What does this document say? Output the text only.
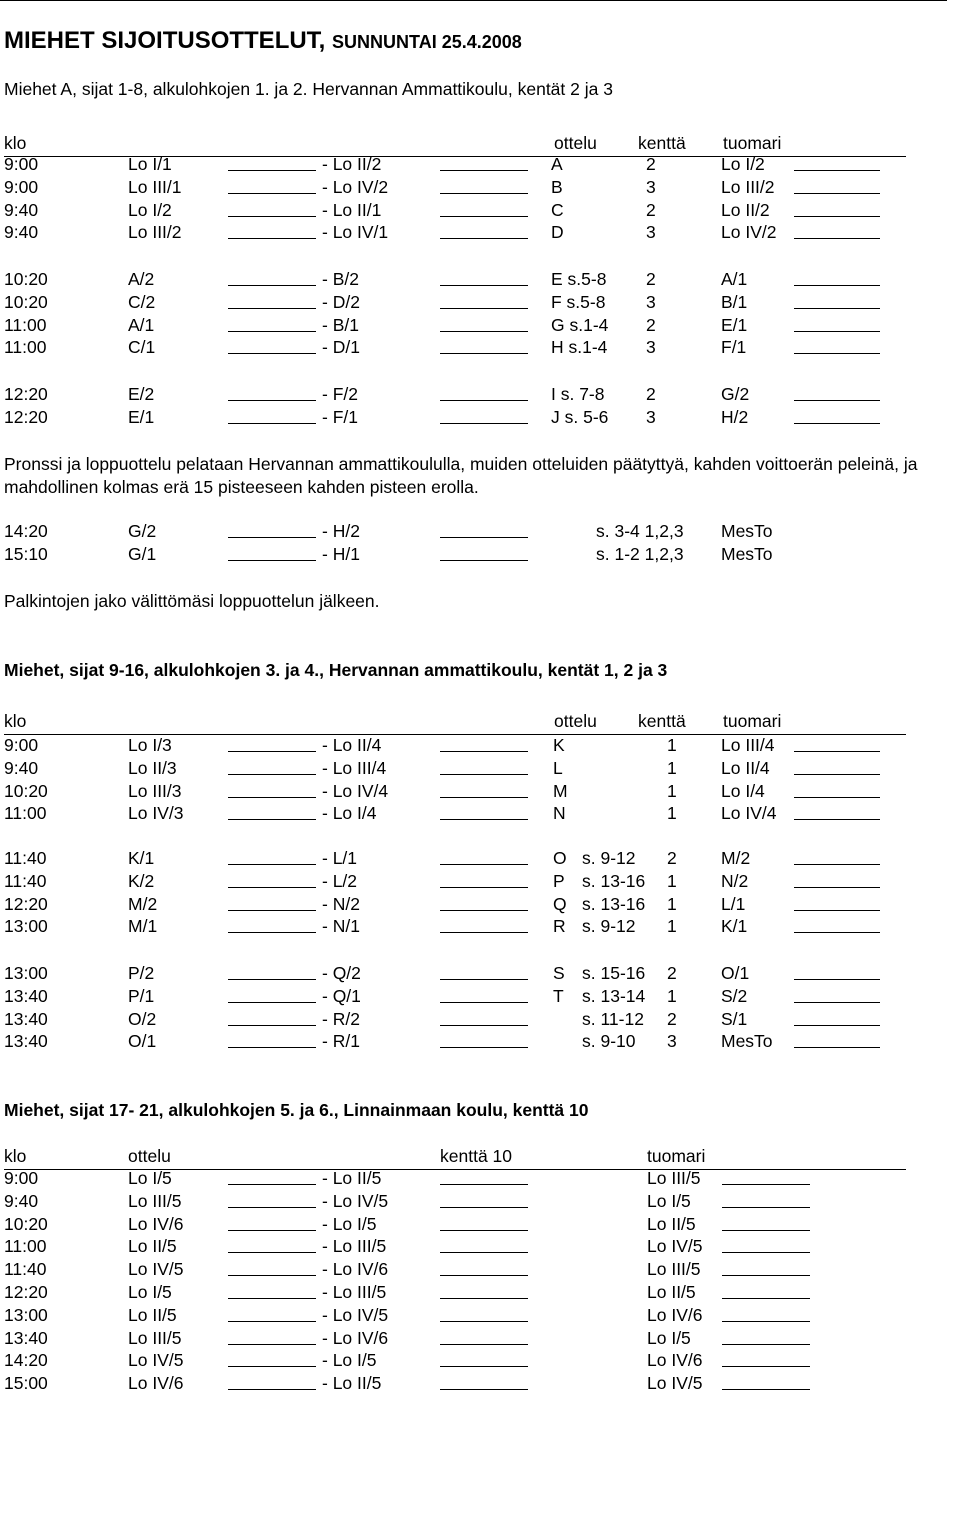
MIEHET SIJOITUSOTTELUT, SUNNUNTAI 25.4.2008
Miehet A, sijat 1-8, alkulohkojen 1. ja 2. Hervannan Ammattikoulu, kentät 2 ja 3
klo	ottelu kenttä tuomari
9:00	Lo I/1	- Lo II/2	A	2	Lo I/2
9:00	Lo III/1	- Lo IV/2	B	3	Lo III/2
9:40	Lo I/2	- Lo II/1	C	2	Lo II/2
9:40	Lo III/2	- Lo IV/1	D	3	Lo IV/2
10:20	A/2	- B/2	E s.5-8 2	A/1
10:20	C/2	- D/2	F s.5-8 3	B/1
11:00	A/1	- B/1	G s.1-4 2	E/1
11:00	C/1	- D/1	H s.1-4 3	F/1
12:20	E/2	- F/2	I s. 7-8 2	G/2
12:20	E/1	- F/1	J s. 5-6 3	H/2
Pronssi ja loppuottelu pelataan Hervannan ammattikoululla, muiden otteluiden päätyttyä, kahden voittoerän peleinä, ja mahdollinen kolmas erä 15 pisteeseen kahden pisteen erolla.
14:20	G/2	- H/2	s. 3-4 1,2,3 MesTo
15:10	G/1	- H/1	s. 1-2 1,2,3 MesTo
Palkintojen jako välittömäsi loppuottelun jälkeen.
Miehet, sijat 9-16, alkulohkojen 3. ja 4., Hervannan ammattikoulu, kentät 1, 2 ja 3
klo	ottelu kenttä tuomari
9:00	Lo I/3	- Lo II/4	K	1	Lo III/4
9:40	Lo II/3	- Lo III/4	L	1	Lo II/4
10:20	Lo III/3	- Lo IV/4	M	1	Lo I/4
11:00	Lo IV/3	- Lo I/4	N	1	Lo IV/4
11:40	K/1	- L/1	O s. 9-12 2	M/2
11:40	K/2	- L/2	P s. 13-16 1	N/2
12:20	M/2	- N/2	Q s. 13-16 1	L/1
13:00	M/1	- N/1	R s. 9-12 1	K/1
13:00	P/2	- Q/2	S s. 15-16 2	O/1
13:40	P/1	- Q/1	T s. 13-14 1	S/2
13:40	O/2	- R/2	s. 11-12 2	S/1
13:40	O/1	- R/1	s. 9-10 3	MesTo
Miehet, sijat 17- 21, alkulohkojen 5. ja 6., Linnainmaan koulu, kenttä 10
klo	ottelu	kenttä 10	tuomari
9:00	Lo I/5	- Lo II/5	Lo III/5
9:40	Lo III/5	- Lo IV/5	Lo I/5
10:20	Lo IV/6	- Lo I/5	Lo II/5
11:00	Lo II/5	- Lo III/5	Lo IV/5
11:40	Lo IV/5	- Lo IV/6	Lo III/5
12:20	Lo I/5	- Lo III/5	Lo II/5
13:00	Lo II/5	- Lo IV/5	Lo IV/6
13:40	Lo III/5	- Lo IV/6	Lo I/5
14:20	Lo IV/5	- Lo I/5	Lo IV/6
15:00	Lo IV/6	- Lo II/5	Lo IV/5
